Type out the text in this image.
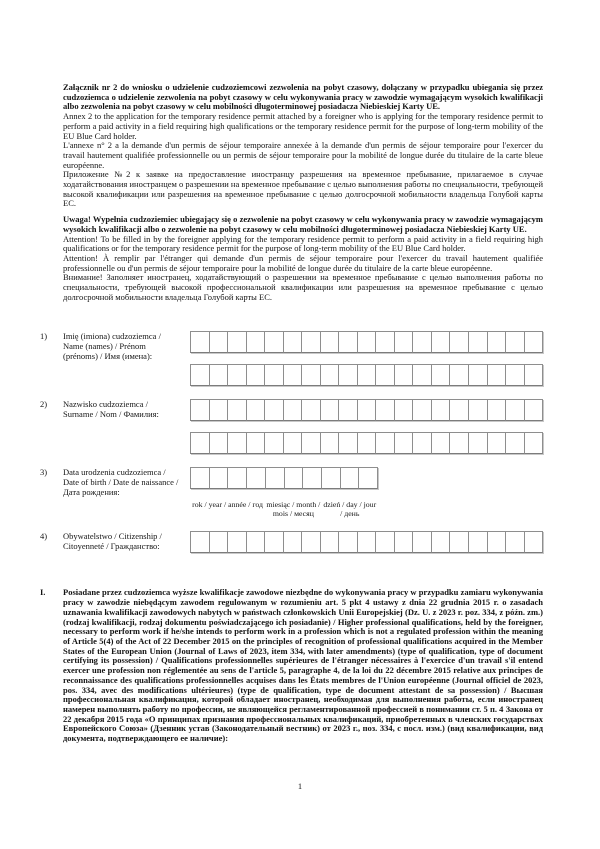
Załącznik nr 2 do wniosku o udzielenie cudzoziemcowi zezwolenia na pobyt czasowy, dołączany w przypadku ubiegania się przez cudzoziemca o udzielenie zezwolenia na pobyt czasowy w celu wykonywania pracy w zawodzie wymagającym wysokich kwalifikacji albo zezwolenia na pobyt czasowy w celu mobilności długoterminowej posiadacza Niebieskiej Karty UE.

Annex 2 to the application for the temporary residence permit attached by a foreigner who is applying for the temporary residence permit to perform a paid activity in a field requiring high qualifications or the temporary residence permit for the purpose of long-term mobility of the EU Blue Card holder.

L'annexe n° 2 a la demande d'un permis de séjour temporaire annexée à la demande d'un permis de séjour temporaire pour l'exercer du travail hautement qualifiée professionnelle ou un permis de séjour temporaire pour la mobilité de longue durée du titulaire de la carte bleue européenne.

Приложение №2 к заявке на предоставление иностранцу разрешения на временное пребывание, прилагаемое в случае ходатайствования иностранцем о разрешении на временное пребывание с целью выполнения работы по специальности, требующей высокой квалификации или разрешения на временное пребывание с целью долгосрочной мобильности владельца Голубой карты ЕС.

Uwaga! Wypełnia cudzoziemiec ubiegający się o zezwolenie na pobyt czasowy w celu wykonywania pracy w zawodzie wymagającym wysokich kwalifikacji albo o zezwolenie na pobyt czasowy w celu mobilności długoterminowej posiadacza Niebieskiej Karty UE.

Attention! To be filled in by the foreigner applying for the temporary residence permit to perform a paid activity in a field requiring high qualifications or for the temporary residence permit for the purpose of long-term mobility of the EU Blue Card holder.

Attention! À remplir par l'étranger qui demande d'un permis de séjour temporaire pour l'exercer du travail hautement qualifiée professionnelle ou d'un permis de séjour temporaire pour la mobilité de longue durée du titulaire de la carte bleue européenne.

Внимание! Заполняет иностранец, ходатайствующий о разрешении на временное пребывание с целью выполнения работы по специальности, требующей высокой профессиональной квалификации или разрешения на временное пребывание с целью долгосрочной мобильности владельца Голубой карты ЕС.

1)	Imię (imiona) cudzoziemca / Name (names) / Prénom (prénoms) / Имя (имена):
2)	Nazwisko cudzoziemca / Surname / Nom / Фамилия:
3)	Data urodzenia cudzoziemca / Date of birth / Date de naissance / Дата рождения:
rok / year / année / год miesiąc / month / mois / месяц
dzień / day / jour / день
4)	Obywatelstwo / Citizenship / Citoyenneté / Гражданство:
I.	Posiadane przez cudzoziemca wyższe kwalifikacje zawodowe niezbędne do wykonywania pracy w przypadku zamiaru wykonywania pracy w zawodzie niebędącym zawodem regulowanym w rozumieniu art. 5 pkt 4 ustawy z dnia 22 grudnia 2015 r. o zasadach uznawania kwalifikacji zawodowych nabytych w państwach członkowskich Unii Europejskiej (Dz. U. z 2023 r. poz. 334, z późn. zm.) (rodzaj kwalifikacji, rodzaj dokumentu poświadczającego ich posiadanie) / Higher professional qualifications, held by the foreigner, necessary to perform work if he/she intends to perform work in a profession which is not a regulated profession within the meaning of Article 5(4) of the Act of 22 December 2015 on the principles of recognition of professional qualifications acquired in the Member States of the European Union (Journal of Laws of 2023, item 334, with later amendments) (type of qualification, type of document certifying its possession) / Qualifications professionnelles supérieures de l'étranger nécessaires à l'exercice d'un travail s'il entend exercer une profession non réglementée au sens de l'article 5, paragraphe 4, de la loi du 22 décembre 2015 relative aux principes de reconnaissance des qualifications professionnelles acquises dans les États membres de l'Union européenne (Journal officiel de 2023, pos. 334, avec des modifications ultérieures) (type de qualification, type de document attestant de sa possession) / Высшая профессиональная квалификация, которой обладает иностранец, необходимая для выполнения работы, если иностранец намерен выполнять работу по профессии, не являющейся регламентированной профессией в понимании ст. 5 п. 4 Закона от 22 декабря 2015 года «О принципах признания профессиональных квалификаций, приобретенных в членских государствах Европейского Союза» (Дзенник устав (Законодательный вестник) от 2023 г., поз. 334, с посл. изм.) (вид квалификации, вид документа, подтверждающего ее наличие):
1
